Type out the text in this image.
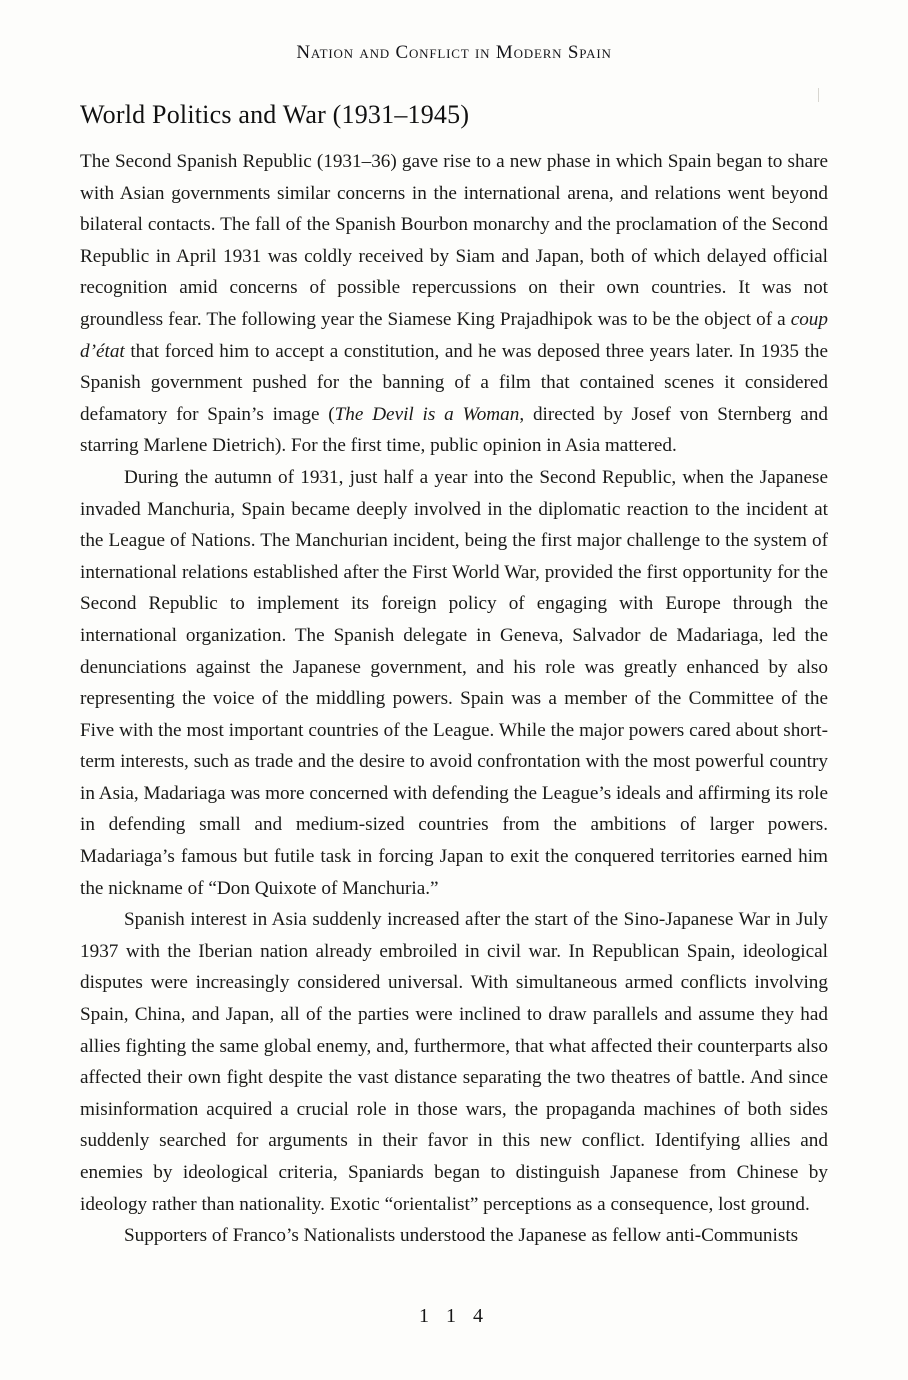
Nation and Conflict in Modern Spain
World Politics and War (1931–1945)

The Second Spanish Republic (1931–36) gave rise to a new phase in which Spain began to share with Asian governments similar concerns in the international arena, and relations went beyond bilateral contacts. The fall of the Spanish Bourbon monarchy and the proclamation of the Second Republic in April 1931 was coldly received by Siam and Japan, both of which delayed official recognition amid concerns of possible repercussions on their own countries. It was not groundless fear. The following year the Siamese King Prajadhipok was to be the object of a coup d’état that forced him to accept a constitution, and he was deposed three years later. In 1935 the Spanish government pushed for the banning of a film that contained scenes it considered defamatory for Spain’s image (The Devil is a Woman, directed by Josef von Sternberg and starring Marlene Dietrich). For the first time, public opinion in Asia mattered.

During the autumn of 1931, just half a year into the Second Republic, when the Japanese invaded Manchuria, Spain became deeply involved in the diplomatic reaction to the incident at the League of Nations. The Manchurian incident, being the first major challenge to the system of international relations established after the First World War, provided the first opportunity for the Second Republic to implement its foreign policy of engaging with Europe through the international organization. The Spanish delegate in Geneva, Salvador de Madariaga, led the denunciations against the Japanese government, and his role was greatly enhanced by also representing the voice of the middling powers. Spain was a member of the Committee of the Five with the most important countries of the League. While the major powers cared about short-term interests, such as trade and the desire to avoid confrontation with the most powerful country in Asia, Madariaga was more concerned with defending the League’s ideals and affirming its role in defending small and medium-sized countries from the ambitions of larger powers. Madariaga’s famous but futile task in forcing Japan to exit the conquered territories earned him the nickname of “Don Quixote of Manchuria.”

Spanish interest in Asia suddenly increased after the start of the Sino-Japanese War in July 1937 with the Iberian nation already embroiled in civil war. In Republican Spain, ideological disputes were increasingly considered universal. With simultaneous armed conflicts involving Spain, China, and Japan, all of the parties were inclined to draw parallels and assume they had allies fighting the same global enemy, and, furthermore, that what affected their counterparts also affected their own fight despite the vast distance separating the two theatres of battle. And since misinformation acquired a crucial role in those wars, the propaganda machines of both sides suddenly searched for arguments in their favor in this new conflict. Identifying allies and enemies by ideological criteria, Spaniards began to distinguish Japanese from Chinese by ideology rather than nationality. Exotic “orientalist” perceptions as a consequence, lost ground.

Supporters of Franco’s Nationalists understood the Japanese as fellow anti-Communists

1 1 4
